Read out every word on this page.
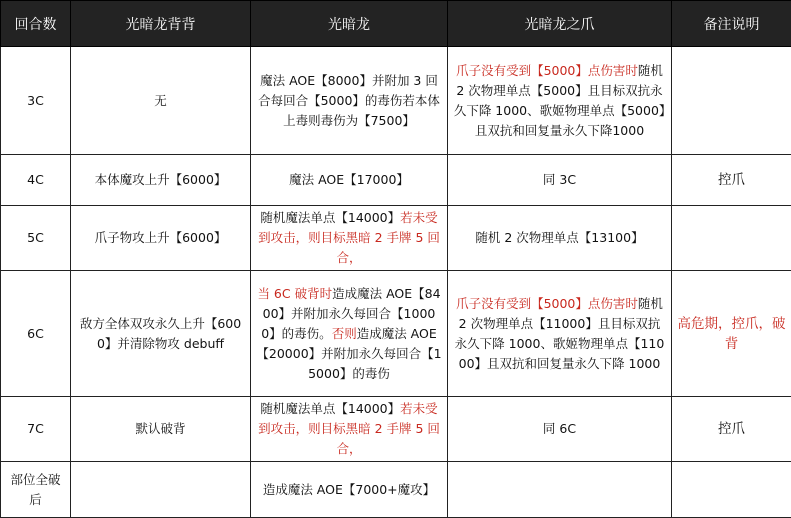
回合数	光暗龙背背	光暗龙	光暗龙之爪	备注说明
3C	无	魔法 AOE【8000】并附加 3 回合每回合【5000】的毒伤若本体上毒则毒伤为【7500】	爪子没有受到【5000】点伤害时随机 2 次物理单点【5000】且目标双抗永久下降 1000、歌姬物理单点【5000】且双抗和回复量永久下降1000	
4C	本体魔攻上升【6000】	魔法 AOE【17000】	同 3C	控爪
5C	爪子物攻上升【6000】	随机魔法单点【14000】若未受到攻击，则目标黑暗 2 手牌 5 回合，	随机 2 次物理单点【13100】	
6C	敌方全体双攻永久上升【6000】并清除物攻 debuff	当 6C 破背时造成魔法 AOE【8400】并附加永久每回合【10000】的毒伤。否则造成魔法 AOE【20000】并附加永久每回合【15000】的毒伤	爪子没有受到【5000】点伤害时随机 2 次物理单点【11000】且目标双抗永久下降 1000、歌姬物理单点【11000】且双抗和回复量永久下降 1000	高危期，控爪，破背
7C	默认破背	随机魔法单点【14000】若未受到攻击，则目标黑暗 2 手牌 5 回合，	同 6C	控爪
部位全破后		造成魔法 AOE【7000+魔攻】		
